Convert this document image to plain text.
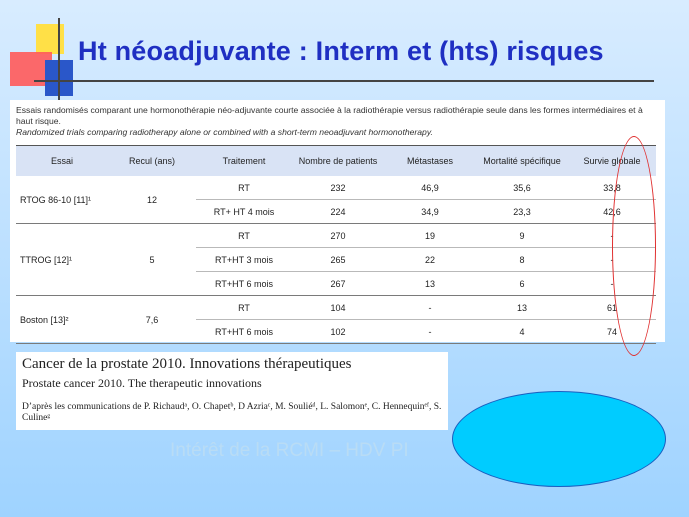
Ht néoadjuvante : Interm et (hts) risques
Essais randomisés comparant une hormonothérapie néo-adjuvante courte associée à la radiothérapie versus radiothérapie seule dans les formes intermédiaires et à haut risque.
Randomized trials comparing radiotherapy alone or combined with a short-term neoadjuvant hormonotherapy.
Essai	Recul (ans)	Traitement	Nombre de patients	Métastases	Mortalité spécifique	Survie globale
RTOG 86-10 [11]¹	12	RT	232	46,9	35,6	33,8
		RT+ HT 4 mois	224	34,9	23,3	42,6
TTROG [12]¹	5	RT	270	19	9	-
		RT+HT 3 mois	265	22	8	-
		RT+HT 6 mois	267	13	6	-
Boston [13]²	7,6	RT	104	-	13	61
		RT+HT 6 mois	102	-	4	74
Cancer de la prostate 2010. Innovations thérapeutiques
Prostate cancer 2010. The therapeutic innovations
D’après les communications de P. Richaudᵃ, O. Chapetᵇ, D Azriaᶜ, M. Souliéᵈ, L. Salomonᵉ, C. Hennequinᵉᶠ, S. Culineᵍ
Intérêt de la RCMI – HDV PI
